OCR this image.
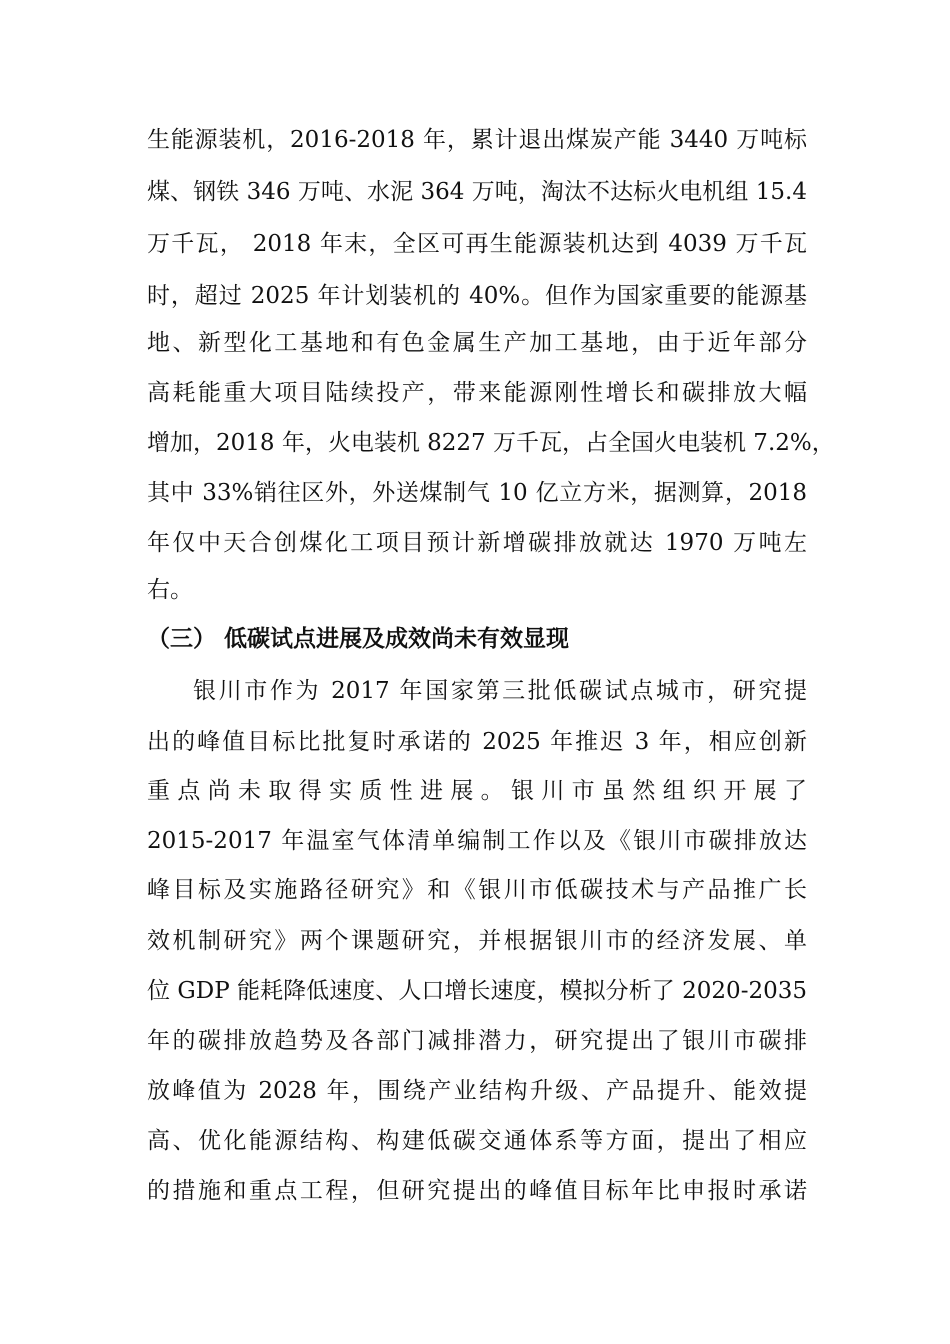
生能源装机，2016-2018 年，累计退出煤炭产能 3440 万吨标
煤、钢铁 346 万吨、水泥 364 万吨，淘汰不达标火电机组 15.4
万千瓦， 2018 年末，全区可再生能源装机达到 4039 万千瓦
时，超过 2025 年计划装机的 40%。但作为国家重要的能源基
地、新型化工基地和有色金属生产加工基地，由于近年部分
高耗能重大项目陆续投产，带来能源刚性增长和碳排放大幅
增加，2018 年，火电装机 8227 万千瓦，占全国火电装机 7.2%，
其中 33%销往区外，外送煤制气 10 亿立方米，据测算，2018
年仅中天合创煤化工项目预计新增碳排放就达 1970 万吨左
右。
（三） 低碳试点进展及成效尚未有效显现
银川市作为 2017 年国家第三批低碳试点城市，研究提
出的峰值目标比批复时承诺的 2025 年推迟 3 年，相应创新
重点尚未取得实质性进展。银川市虽然组织开展了
2015-2017 年温室气体清单编制工作以及《银川市碳排放达
峰目标及实施路径研究》和《银川市低碳技术与产品推广长
效机制研究》两个课题研究，并根据银川市的经济发展、单
位 GDP 能耗降低速度、人口增长速度，模拟分析了 2020-2035
年的碳排放趋势及各部门减排潜力，研究提出了银川市碳排
放峰值为 2028 年，围绕产业结构升级、产品提升、能效提
高、优化能源结构、构建低碳交通体系等方面，提出了相应
的措施和重点工程，但研究提出的峰值目标年比申报时承诺
